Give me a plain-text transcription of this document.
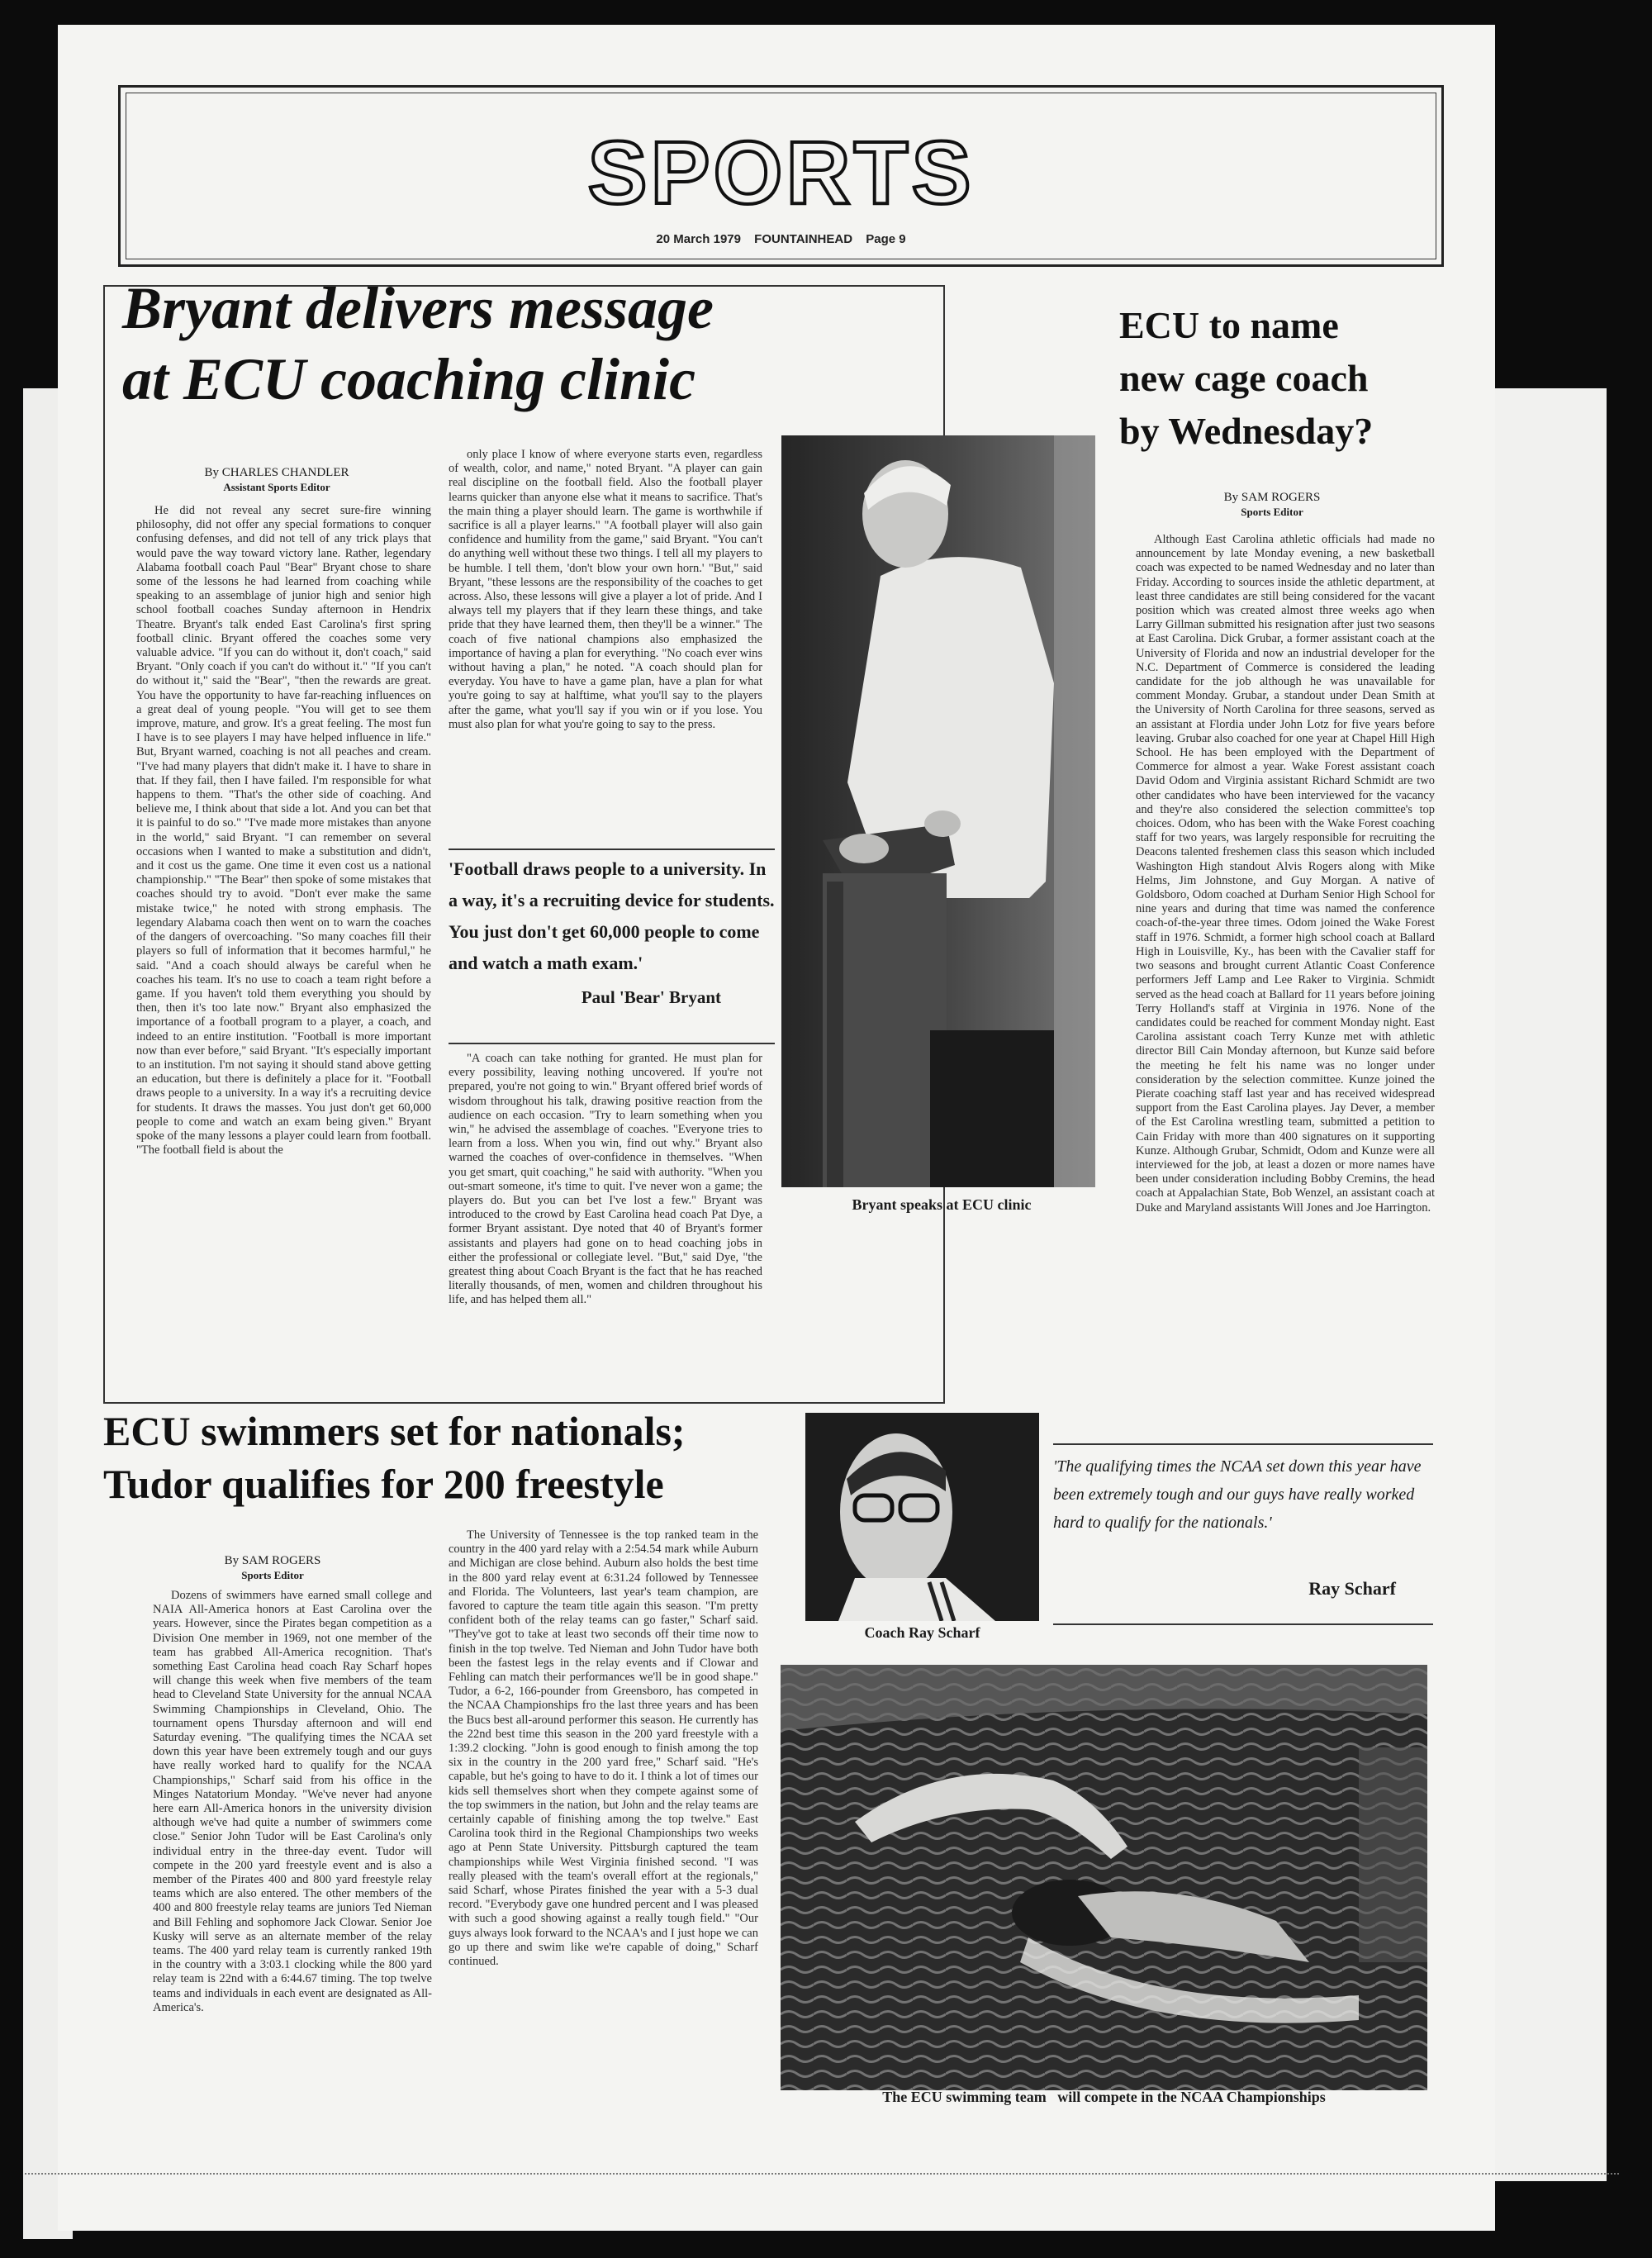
SPORTS
20 March 1979 FOUNTAINHEAD Page 9
Bryant delivers message
at ECU coaching clinic
By CHARLES CHANDLER
Assistant Sports Editor

He did not reveal any secret sure-fire winning philosophy, did not offer any special formations to conquer confusing defenses, and did not tell of any trick plays that would pave the way toward victory lane. Rather, legendary Alabama football coach Paul "Bear" Bryant chose to share some of the lessons he had learned from coaching while speaking to an assemblage of junior high and senior high school football coaches Sunday afternoon in Hendrix Theatre. Bryant's talk ended East Carolina's first spring football clinic. Bryant offered the coaches some very valuable advice. "If you can do without it, don't coach," said Bryant. "Only coach if you can't do without it." "If you can't do without it," said the "Bear", "then the rewards are great. You have the opportunity to have far-reaching influences on a great deal of young people. "You will get to see them improve, mature, and grow. It's a great feeling. The most fun I have is to see players I may have helped influence in life." But, Bryant warned, coaching is not all peaches and cream. "I've had many players that didn't make it. I have to share in that. If they fail, then I have failed. I'm responsible for what happens to them. "That's the other side of coaching. And believe me, I think about that side a lot. And you can bet that it is painful to do so." "I've made more mistakes than anyone in the world," said Bryant. "I can remember on several occasions when I wanted to make a substitution and didn't, and it cost us the game. One time it even cost us a national championship." "The Bear" then spoke of some mistakes that coaches should try to avoid. "Don't ever make the same mistake twice," he noted with strong emphasis. The legendary Alabama coach then went on to warn the coaches of the dangers of overcoaching. "So many coaches fill their players so full of information that it becomes harmful," he said. "And a coach should always be careful when he coaches his team. It's no use to coach a team right before a game. If you haven't told them everything you should by then, then it's too late now." Bryant also emphasized the importance of a football program to a player, a coach, and indeed to an entire institution. "Football is more important now than ever before," said Bryant. "It's especially important to an institution. I'm not saying it should stand above getting an education, but there is definitely a place for it. "Football draws people to a university. In a way it's a recruiting device for students. It draws the masses. You just don't get 60,000 people to come and watch an exam being given." Bryant spoke of the many lessons a player could learn from football. "The football field is about the

only place I know of where everyone starts even, regardless of wealth, color, and name," noted Bryant. "A player can gain real discipline on the football field. Also the football player learns quicker than anyone else what it means to sacrifice. That's the main thing a player should learn. The game is worthwhile if sacrifice is all a player learns." "A football player will also gain confidence and humility from the game," said Bryant. "You can't do anything well without these two things. I tell all my players to be humble. I tell them, 'don't blow your own horn.' "But," said Bryant, "these lessons are the responsibility of the coaches to get across. Also, these lessons will give a player a lot of pride. And I always tell my players that if they learn these things, and take pride that they have learned them, then they'll be a winner." The coach of five national champions also emphasized the importance of having a plan for everything. "No coach ever wins without having a plan," he noted. "A coach should plan for everyday. You have to have a game plan, have a plan for what you're going to say at halftime, what you'll say to the players after the game, what you'll say if you win or if you lose. You must also plan for what you're going to say to the press.

'Football draws people to a university. In a way, it's a recruiting device for students. You just don't get 60,000 people to come and watch a math exam.'
Paul 'Bear' Bryant

"A coach can take nothing for granted. He must plan for every possibility, leaving nothing uncovered. If you're not prepared, you're not going to win." Bryant offered brief words of wisdom throughout his talk, drawing positive reaction from the audience on each occasion. "Try to learn something when you win," he advised the assemblage of coaches. "Everyone tries to learn from a loss. When you win, find out why." Bryant also warned the coaches of over-confidence in themselves. "When you get smart, quit coaching," he said with authority. "When you out-smart someone, it's time to quit. I've never won a game; the players do. But you can bet I've lost a few." Bryant was introduced to the crowd by East Carolina head coach Pat Dye, a former Bryant assistant. Dye noted that 40 of Bryant's former assistants and players had gone on to head coaching jobs in either the professional or collegiate level. "But," said Dye, "the greatest thing about Coach Bryant is the fact that he has reached literally thousands, of men, women and children throughout his life, and has helped them all."

Bryant speaks at ECU clinic
ECU to name
new cage coach
by Wednesday?
By SAM ROGERS
Sports Editor

Although East Carolina athletic officials had made no announcement by late Monday evening, a new basketball coach was expected to be named Wednesday and no later than Friday. According to sources inside the athletic department, at least three candidates are still being considered for the vacant position which was created almost three weeks ago when Larry Gillman submitted his resignation after just two seasons at East Carolina. Dick Grubar, a former assistant coach at the University of Florida and now an industrial developer for the N.C. Department of Commerce is considered the leading candidate for the job although he was unavailable for comment Monday. Grubar, a standout under Dean Smith at the University of North Carolina for three seasons, served as an assistant at Flordia under John Lotz for five years before leaving. Grubar also coached for one year at Chapel Hill High School. He has been employed with the Department of Commerce for almost a year. Wake Forest assistant coach David Odom and Virginia assistant Richard Schmidt are two other candidates who have been interviewed for the vacancy and they're also considered the selection committee's top choices. Odom, who has been with the Wake Forest coaching staff for two years, was largely responsible for recruiting the Deacons talented freshemen class this season which included Washington High standout Alvis Rogers along with Mike Helms, Jim Johnstone, and Guy Morgan. A native of Goldsboro, Odom coached at Durham Senior High School for nine years and during that time was named the conference coach-of-the-year three times. Odom joined the Wake Forest staff in 1976. Schmidt, a former high school coach at Ballard High in Louisville, Ky., has been with the Cavalier staff for two seasons and brought current Atlantic Coast Conference performers Jeff Lamp and Lee Raker to Virginia. Schmidt served as the head coach at Ballard for 11 years before joining Terry Holland's staff at Virginia in 1976. None of the candidates could be reached for comment Monday night. East Carolina assistant coach Terry Kunze met with athletic director Bill Cain Monday afternoon, but Kunze said before the meeting he felt his name was no longer under consideration by the selection committee. Kunze joined the Pierate coaching staff last year and has received widespread support from the East Carolina playes. Jay Dever, a member of the Est Carolina wrestling team, submitted a petition to Cain Friday with more than 400 signatures on it supporting Kunze. Although Grubar, Schmidt, Odom and Kunze were all interviewed for the job, at least a dozen or more names have been under consideration including Bobby Cremins, the head coach at Appalachian State, Bob Wenzel, an assistant coach at Duke and Maryland assistants Will Jones and Joe Harrington.

ECU swimmers set for nationals;
Tudor qualifies for 200 freestyle
By SAM ROGERS
Sports Editor

Dozens of swimmers have earned small college and NAIA All-America honors at East Carolina over the years. However, since the Pirates began competition as a Division One member in 1969, not one member of the team has grabbed All-America recognition. That's something East Carolina head coach Ray Scharf hopes will change this week when five members of the team head to Cleveland State University for the annual NCAA Swimming Championships in Cleveland, Ohio. The tournament opens Thursday afternoon and will end Saturday evening. "The qualifying times the NCAA set down this year have been extremely tough and our guys have really worked hard to qualify for the NCAA Championships," Scharf said from his office in the Minges Natatorium Monday. "We've never had anyone here earn All-America honors in the university division although we've had quite a number of swimmers come close." Senior John Tudor will be East Carolina's only individual entry in the three-day event. Tudor will compete in the 200 yard freestyle event and is also a member of the Pirates 400 and 800 yard freestyle relay teams which are also entered. The other members of the 400 and 800 freestyle relay teams are juniors Ted Nieman and Bill Fehling and sophomore Jack Clowar. Senior Joe Kusky will serve as an alternate member of the relay teams. The 400 yard relay team is currently ranked 19th in the country with a 3:03.1 clocking while the 800 yard relay team is 22nd with a 6:44.67 timing. The top twelve teams and individuals in each event are designated as All-America's.

The University of Tennessee is the top ranked team in the country in the 400 yard relay with a 2:54.54 mark while Auburn and Michigan are close behind. Auburn also holds the best time in the 800 yard relay event at 6:31.24 followed by Tennessee and Florida. The Volunteers, last year's team champion, are favored to capture the team title again this season. "I'm pretty confident both of the relay teams can go faster," Scharf said. "They've got to take at least two seconds off their time now to finish in the top twelve. Ted Nieman and John Tudor have both been the fastest legs in the relay events and if Clowar and Fehling can match their performances we'll be in good shape." Tudor, a 6-2, 166-pounder from Greensboro, has competed in the NCAA Championships fro the last three years and has been the Bucs best all-around performer this season. He currently has the 22nd best time this season in the 200 yard freestyle with a 1:39.2 clocking. "John is good enough to finish among the top six in the country in the 200 yard free," Scharf said. "He's capable, but he's going to have to do it. I think a lot of times our kids sell themselves short when they compete against some of the top swimmers in the nation, but John and the relay teams are certainly capable of finishing among the top twelve." East Carolina took third in the Regional Championships two weeks ago at Penn State University. Pittsburgh captured the team championships while West Virginia finished second. "I was really pleased with the team's overall effort at the regionals," said Scharf, whose Pirates finished the year with a 5-3 dual record. "Everybody gave one hundred percent and I was pleased with such a good showing against a really tough field." "Our guys always look forward to the NCAA's and I just hope we can go up there and swim like we're capable of doing," Scharf continued.

Coach Ray Scharf
'The qualifying times the NCAA set down this year have been extremely tough and our guys have really worked hard to qualify for the nationals.'
Ray Scharf
The ECU swimming team   will compete in the NCAA Championships
